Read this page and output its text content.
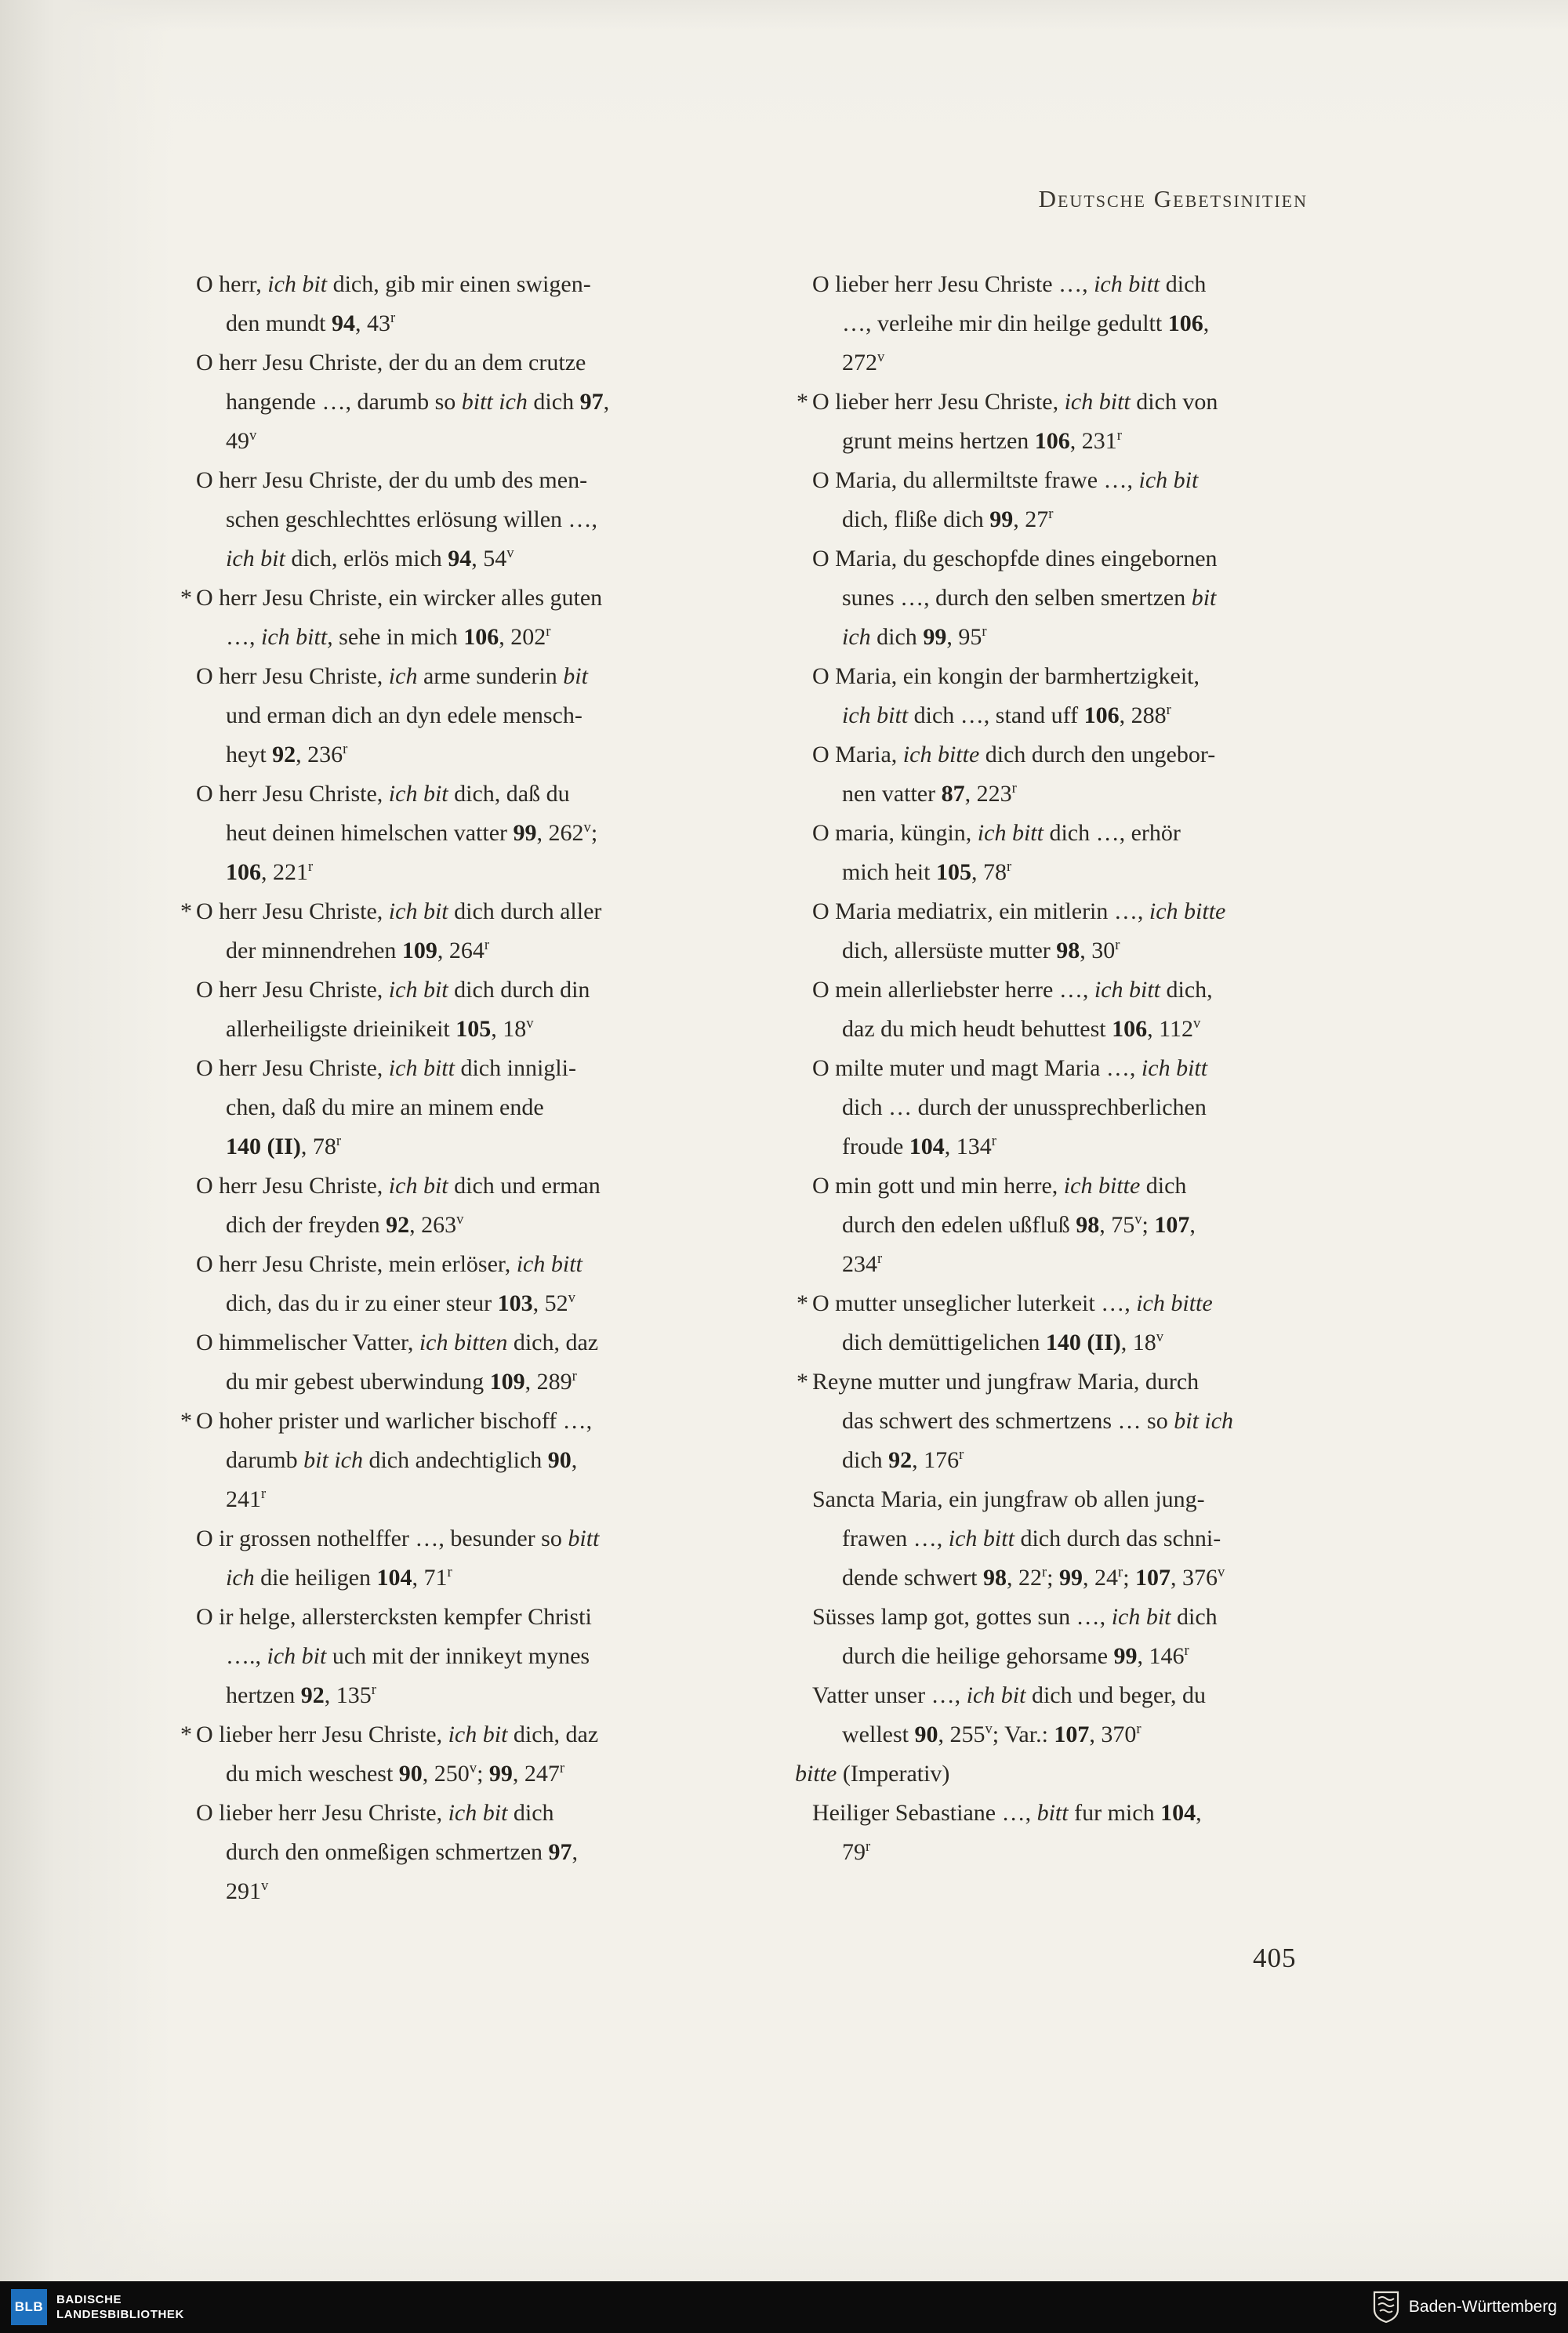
Deutsche Gebetsinitien

O herr, ich bit dich, gib mir einen swigen-
den mundt 94, 43$^r$

O herr Jesu Christe, der du an dem crutze
hangende …, darumb so bitt ich dich 97,
49$^v$

O herr Jesu Christe, der du umb des men-
schen geschlechttes erlösung willen …,
ich bit dich, erlös mich 94, 54$^v$

* O herr Jesu Christe, ein wircker alles guten
…, ich bitt, sehe in mich 106, 202$^r$

O herr Jesu Christe, ich arme sunderin bit
und erman dich an dyn edele mensch-
heyt 92, 236$^r$

O herr Jesu Christe, ich bit dich, daß du
heut deinen himelschen vatter 99, 262$^v$;
106, 221$^r$

* O herr Jesu Christe, ich bit dich durch aller
der minnendrehen 109, 264$^r$

O herr Jesu Christe, ich bit dich durch din
allerheiligste drieinikeit 105, 18$^v$

O herr Jesu Christe, ich bitt dich innigli-
chen, daß du mire an minem ende
140 (II), 78$^r$

O herr Jesu Christe, ich bit dich und erman
dich der freyden 92, 263$^v$

O herr Jesu Christe, mein erlöser, ich bitt
dich, das du ir zu einer steur 103, 52$^v$

O himmelischer Vatter, ich bitten dich, daz
du mir gebest uberwindung 109, 289$^r$

* O hoher prister und warlicher bischoff …,
darumb bit ich dich andechtiglich 90,
241$^r$

O ir grossen nothelffer …, besunder so bitt
ich die heiligen 104, 71$^r$

O ir helge, allerstercksten kempfer Christi
…., ich bit uch mit der innikeyt mynes
hertzen 92, 135$^r$

* O lieber herr Jesu Christe, ich bit dich, daz
du mich weschest 90, 250$^v$; 99, 247$^r$

O lieber herr Jesu Christe, ich bit dich
durch den onmeßigen schmertzen 97,
291$^v$

O lieber herr Jesu Christe …, ich bitt dich
…, verleihe mir din heilge gedultt 106,
272$^v$

* O lieber herr Jesu Christe, ich bitt dich von
grunt meins hertzen 106, 231$^r$

O Maria, du allermiltste frawe …, ich bit
dich, fliße dich 99, 27$^r$

O Maria, du geschopfde dines eingebornen
sunes …, durch den selben smertzen bit
ich dich 99, 95$^r$

O Maria, ein kongin der barmhertzigkeit,
ich bitt dich …, stand uff 106, 288$^r$

O Maria, ich bitte dich durch den ungebor-
nen vatter 87, 223$^r$

O maria, küngin, ich bitt dich …, erhör
mich heit 105, 78$^r$

O Maria mediatrix, ein mitlerin …, ich bitte
dich, allersüste mutter 98, 30$^r$

O mein allerliebster herre …, ich bitt dich,
daz du mich heudt behuttest 106, 112$^v$

O milte muter und magt Maria …, ich bitt
dich … durch der unussprechberlichen
froude 104, 134$^r$

O min gott und min herre, ich bitte dich
durch den edelen ußfluß 98, 75$^v$; 107,
234$^r$

* O mutter unseglicher luterkeit …, ich bitte
dich demüttigelichen 140 (II), 18$^v$

* Reyne mutter und jungfraw Maria, durch
das schwert des schmertzens … so bit ich
dich 92, 176$^r$

Sancta Maria, ein jungfraw ob allen jung-
frawen …, ich bitt dich durch das schni-
dende schwert 98, 22$^r$; 99, 24$^r$; 107, 376$^v$

Süsses lamp got, gottes sun …, ich bit dich
durch die heilige gehorsame 99, 146$^r$

Vatter unser …, ich bit dich und beger, du
wellest 90, 255$^v$; Var.: 107, 370$^r$

bitte (Imperativ)

Heiliger Sebastiane …, bitt fur mich 104,
79$^r$

405
BLB	BADISCHE
LANDESBIBLIOTHEK	Baden-Württemberg
